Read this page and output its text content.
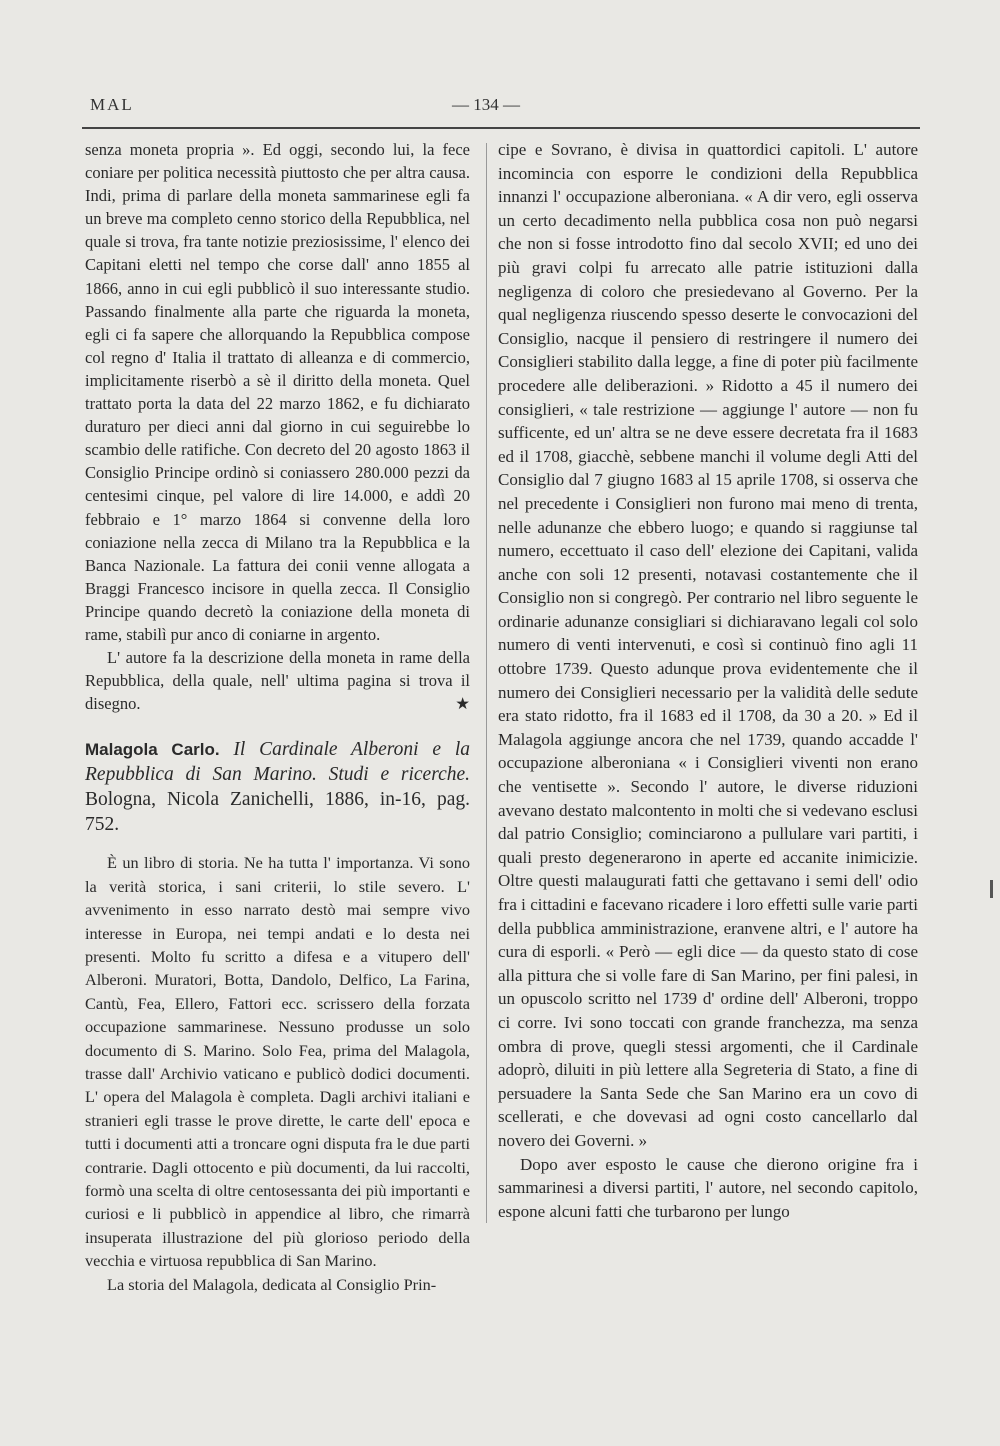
MAL	— 134 —

senza moneta propria ». Ed oggi, secondo lui, la fece coniare per politica necessità piuttosto che per altra causa. Indi, prima di parlare della moneta sammarinese egli fa un breve ma completo cenno storico della Repubblica, nel quale si trova, fra tante notizie preziosissime, l' elenco dei Capitani eletti nel tempo che corse dall' anno 1855 al 1866, anno in cui egli pubblicò il suo interessante studio. Passando finalmente alla parte che riguarda la moneta, egli ci fa sapere che allorquando la Repubblica compose col regno d' Italia il trattato di alleanza e di commercio, implicitamente riserbò a sè il diritto della moneta. Quel trattato porta la data del 22 marzo 1862, e fu dichiarato duraturo per dieci anni dal giorno in cui seguirebbe lo scambio delle ratifiche. Con decreto del 20 agosto 1863 il Consiglio Principe ordinò si coniassero 280.000 pezzi da centesimi cinque, pel valore di lire 14.000, e addì 20 febbraio e 1° marzo 1864 si convenne della loro coniazione nella zecca di Milano tra la Repubblica e la Banca Nazionale. La fattura dei conii venne allogata a Braggi Francesco incisore in quella zecca. Il Consiglio Principe quando decretò la coniazione della moneta di rame, stabilì pur anco di coniarne in argento.

L' autore fa la descrizione della moneta in rame della Repubblica, della quale, nell' ultima pagina si trova il disegno.	★

Malagola Carlo. Il Cardinale Alberoni e la Repubblica di San Marino. Studi e ricerche. Bologna, Nicola Zanichelli, 1886, in-16, pag. 752.

È un libro di storia. Ne ha tutta l' importanza. Vi sono la verità storica, i sani criterii, lo stile severo. L' avvenimento in esso narrato destò mai sempre vivo interesse in Europa, nei tempi andati e lo desta nei presenti. Molto fu scritto a difesa e a vitupero dell' Alberoni. Muratori, Botta, Dandolo, Delfico, La Farina, Cantù, Fea, Ellero, Fattori ecc. scrissero della forzata occupazione sammarinese. Nessuno produsse un solo documento di S. Marino. Solo Fea, prima del Malagola, trasse dall' Archivio vaticano e publicò dodici documenti. L' opera del Malagola è completa. Dagli archivi italiani e stranieri egli trasse le prove dirette, le carte dell' epoca e tutti i documenti atti a troncare ogni disputa fra le due parti contrarie. Dagli ottocento e più documenti, da lui raccolti, formò una scelta di oltre centosessanta dei più importanti e curiosi e li pubblicò in appendice al libro, che rimarrà insuperata illustrazione del più glorioso periodo della vecchia e virtuosa repubblica di San Marino.

La storia del Malagola, dedicata al Consiglio Prin-

cipe e Sovrano, è divisa in quattordici capitoli. L' autore incomincia con esporre le condizioni della Repubblica innanzi l' occupazione alberoniana. « A dir vero, egli osserva un certo decadimento nella pubblica cosa non può negarsi che non si fosse introdotto fino dal secolo XVII; ed uno dei più gravi colpi fu arrecato alle patrie istituzioni dalla negligenza di coloro che presiedevano al Governo. Per la qual negligenza riuscendo spesso deserte le convocazioni del Consiglio, nacque il pensiero di restringere il numero dei Consiglieri stabilito dalla legge, a fine di poter più facilmente procedere alle deliberazioni. » Ridotto a 45 il numero dei consiglieri, « tale restrizione — aggiunge l' autore — non fu sufficente, ed un' altra se ne deve essere decretata fra il 1683 ed il 1708, giacchè, sebbene manchi il volume degli Atti del Consiglio dal 7 giugno 1683 al 15 aprile 1708, si osserva che nel precedente i Consiglieri non furono mai meno di trenta, nelle adunanze che ebbero luogo; e quando si raggiunse tal numero, eccettuato il caso dell' elezione dei Capitani, valida anche con soli 12 presenti, notavasi costantemente che il Consiglio non si congregò. Per contrario nel libro seguente le ordinarie adunanze consigliari si dichiaravano legali col solo numero di venti intervenuti, e così si continuò fino agli 11 ottobre 1739. Questo adunque prova evidentemente che il numero dei Consiglieri necessario per la validità delle sedute era stato ridotto, fra il 1683 ed il 1708, da 30 a 20. » Ed il Malagola aggiunge ancora che nel 1739, quando accadde l' occupazione alberoniana « i Consiglieri viventi non erano che ventisette ». Secondo l' autore, le diverse riduzioni avevano destato malcontento in molti che si vedevano esclusi dal patrio Consiglio; cominciarono a pullulare vari partiti, i quali presto degenerarono in aperte ed accanite inimicizie. Oltre questi malaugurati fatti che gettavano i semi dell' odio fra i cittadini e facevano ricadere i loro effetti sulle varie parti della pubblica amministrazione, eranvene altri, e l' autore ha cura di esporli. « Però — egli dice — da questo stato di cose alla pittura che si volle fare di San Marino, per fini palesi, in un opuscolo scritto nel 1739 d' ordine dell' Alberoni, troppo ci corre. Ivi sono toccati con grande franchezza, ma senza ombra di prove, quegli stessi argomenti, che il Cardinale adoprò, diluiti in più lettere alla Segreteria di Stato, a fine di persuadere la Santa Sede che San Marino era un covo di scellerati, e che dovevasi ad ogni costo cancellarlo dal novero dei Governi. »

Dopo aver esposto le cause che dierono origine fra i sammarinesi a diversi partiti, l' autore, nel secondo capitolo, espone alcuni fatti che turbarono per lungo
